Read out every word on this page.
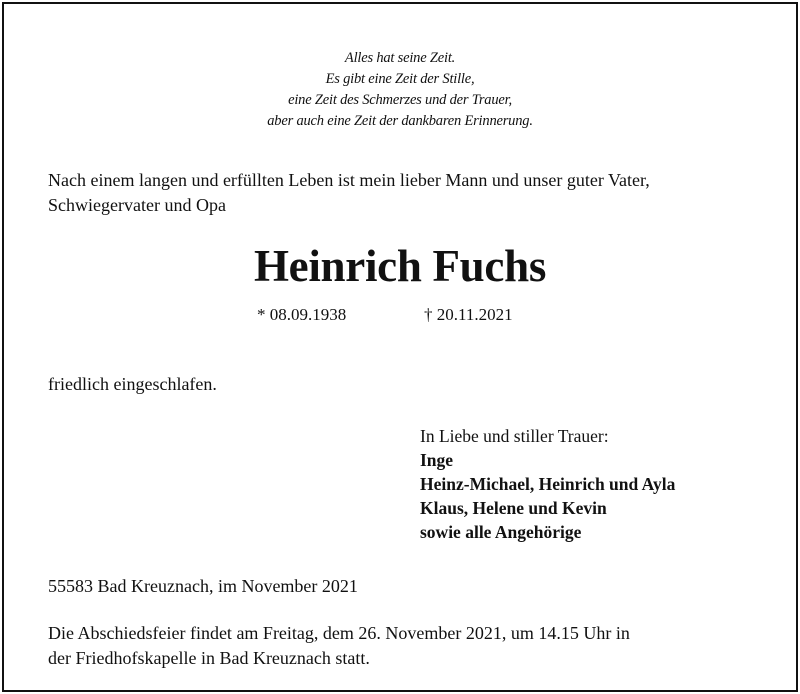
Alles hat seine Zeit.
Es gibt eine Zeit der Stille,
eine Zeit des Schmerzes und der Trauer,
aber auch eine Zeit der dankbaren Erinnerung.
Nach einem langen und erfüllten Leben ist mein lieber Mann und unser guter Vater,
Schwiegervater und Opa
Heinrich Fuchs
* 08.09.1938	† 20.11.2021
friedlich eingeschlafen.
In Liebe und stiller Trauer:
Inge
Heinz-Michael, Heinrich und Ayla
Klaus, Helene und Kevin
sowie alle Angehörige
55583 Bad Kreuznach, im November 2021
Die Abschiedsfeier findet am Freitag, dem 26. November 2021, um 14.15 Uhr in
der Friedhofskapelle in Bad Kreuznach statt.
